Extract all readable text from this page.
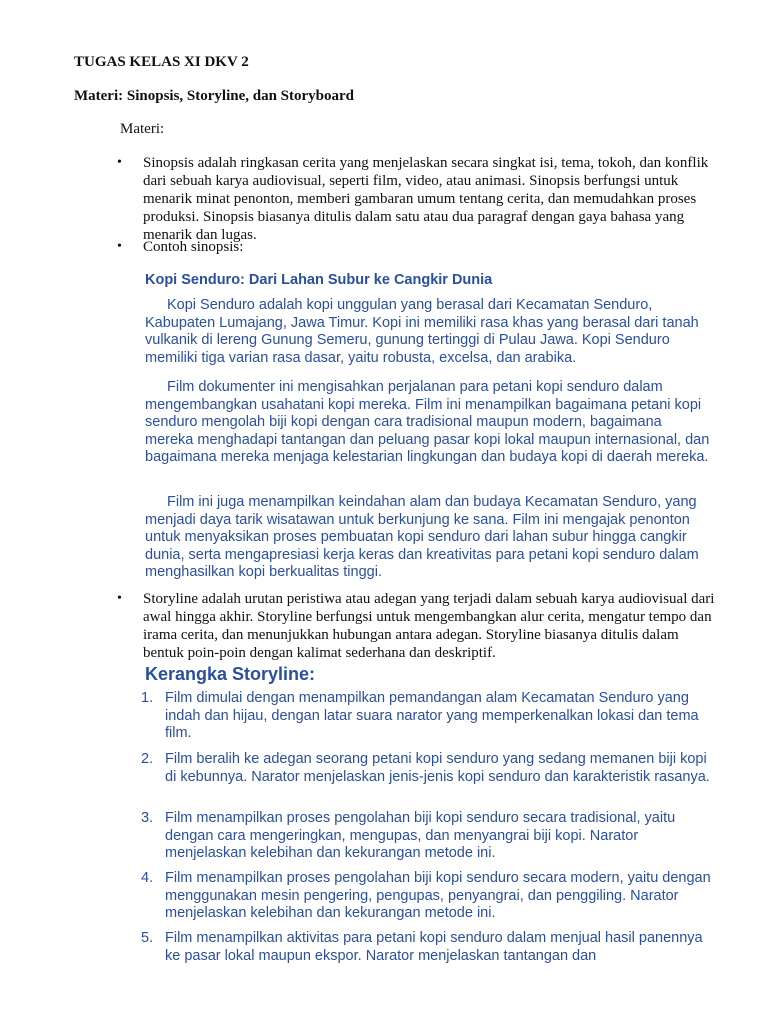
TUGAS KELAS XI DKV 2
Materi: Sinopsis, Storyline, dan Storyboard
Materi:
• Sinopsis adalah ringkasan cerita yang menjelaskan secara singkat isi, tema, tokoh, dan konflik dari sebuah karya audiovisual, seperti film, video, atau animasi. Sinopsis berfungsi untuk menarik minat penonton, memberi gambaran umum tentang cerita, dan memudahkan proses produksi. Sinopsis biasanya ditulis dalam satu atau dua paragraf dengan gaya bahasa yang menarik dan lugas.
• Contoh sinopsis:
Kopi Senduro: Dari Lahan Subur ke Cangkir Dunia
Kopi Senduro adalah kopi unggulan yang berasal dari Kecamatan Senduro, Kabupaten Lumajang, Jawa Timur. Kopi ini memiliki rasa khas yang berasal dari tanah vulkanik di lereng Gunung Semeru, gunung tertinggi di Pulau Jawa. Kopi Senduro memiliki tiga varian rasa dasar, yaitu robusta, excelsa, dan arabika.
Film dokumenter ini mengisahkan perjalanan para petani kopi senduro dalam mengembangkan usahatani kopi mereka. Film ini menampilkan bagaimana petani kopi senduro mengolah biji kopi dengan cara tradisional maupun modern, bagaimana mereka menghadapi tantangan dan peluang pasar kopi lokal maupun internasional, dan bagaimana mereka menjaga kelestarian lingkungan dan budaya kopi di daerah mereka.
Film ini juga menampilkan keindahan alam dan budaya Kecamatan Senduro, yang menjadi daya tarik wisatawan untuk berkunjung ke sana. Film ini mengajak penonton untuk menyaksikan proses pembuatan kopi senduro dari lahan subur hingga cangkir dunia, serta mengapresiasi kerja keras dan kreativitas para petani kopi senduro dalam menghasilkan kopi berkualitas tinggi.
• Storyline adalah urutan peristiwa atau adegan yang terjadi dalam sebuah karya audiovisual dari awal hingga akhir. Storyline berfungsi untuk mengembangkan alur cerita, mengatur tempo dan irama cerita, dan menunjukkan hubungan antara adegan. Storyline biasanya ditulis dalam bentuk poin-poin dengan kalimat sederhana dan deskriptif.
Kerangka Storyline:
1. Film dimulai dengan menampilkan pemandangan alam Kecamatan Senduro yang indah dan hijau, dengan latar suara narator yang memperkenalkan lokasi dan tema film.
2. Film beralih ke adegan seorang petani kopi senduro yang sedang memanen biji kopi di kebunnya. Narator menjelaskan jenis-jenis kopi senduro dan karakteristik rasanya.
3. Film menampilkan proses pengolahan biji kopi senduro secara tradisional, yaitu dengan cara mengeringkan, mengupas, dan menyangrai biji kopi. Narator menjelaskan kelebihan dan kekurangan metode ini.
4. Film menampilkan proses pengolahan biji kopi senduro secara modern, yaitu dengan menggunakan mesin pengering, pengupas, penyangrai, dan penggiling. Narator menjelaskan kelebihan dan kekurangan metode ini.
5. Film menampilkan aktivitas para petani kopi senduro dalam menjual hasil panennya ke pasar lokal maupun ekspor. Narator menjelaskan tantangan dan
